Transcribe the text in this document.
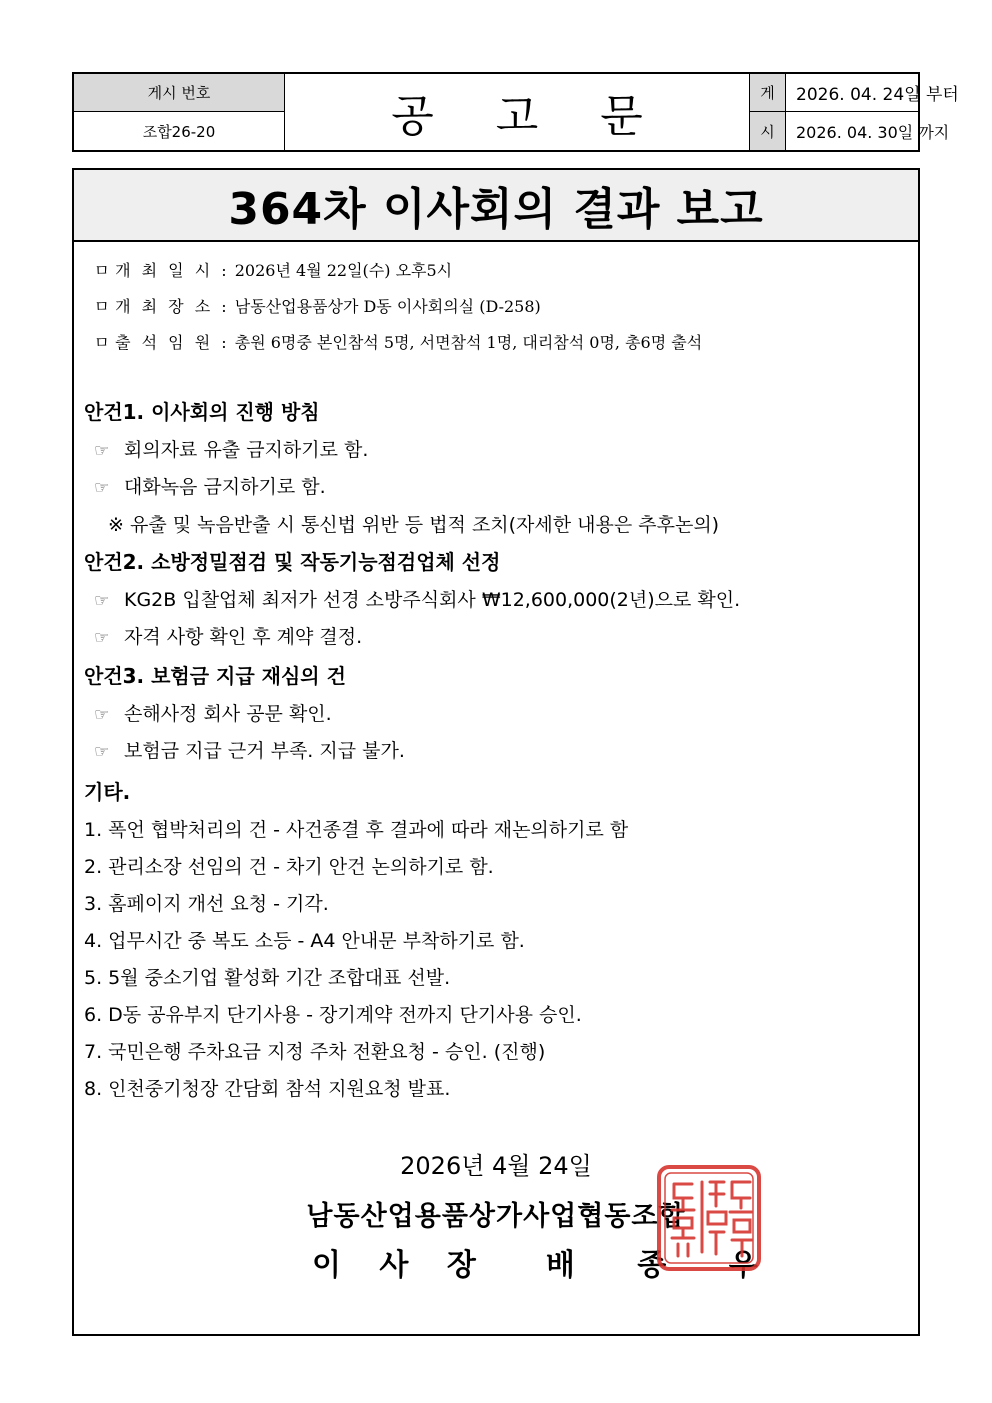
게시 번호
조합26-20	공 고 문	게
시
2026. 04. 24일 부터
2026. 04. 30일 까지
364차 이사회의 결과 보고
ㅁ 개 최 일 시 : 2026년 4월 22일(수) 오후5시
ㅁ 개 최 장 소 : 남동산업용품상가 D동 이사회의실 (D-258)
ㅁ 출 석 임 원 : 총원 6명중 본인참석 5명, 서면참석 1명, 대리참석 0명, 총6명 출석
안건1. 이사회의 진행 방침
☞ 회의자료 유출 금지하기로 함.
☞ 대화녹음 금지하기로 함.
※ 유출 및 녹음반출 시 통신법 위반 등 법적 조치(자세한 내용은 추후논의)
안건2. 소방정밀점검 및 작동기능점검업체 선정
☞ KG2B 입찰업체 최저가 선경 소방주식회사 ₩12,600,000(2년)으로 확인.
☞ 자격 사항 확인 후 계약 결정.
안건3. 보험금 지급 재심의 건
☞ 손해사정 회사 공문 확인.
☞ 보험금 지급 근거 부족. 지급 불가.
기타.
1. 폭언 협박처리의 건 - 사건종결 후 결과에 따라 재논의하기로 함
2. 관리소장 선임의 건 - 차기 안건 논의하기로 함.
3. 홈페이지 개선 요청 - 기각.
4. 업무시간 중 복도 소등 - A4 안내문 부착하기로 함.
5. 5월 중소기업 활성화 기간 조합대표 선발.
6. D동 공유부지 단기사용 - 장기계약 전까지 단기사용 승인.
7. 국민은행 주차요금 지정 주차 전환요청 - 승인. (진행)
8. 인천중기청장 간담회 참석 지원요청 발표.
2026년 4월 24일
남동산업용품상가사업협동조합
이 사 장 배 종 우
